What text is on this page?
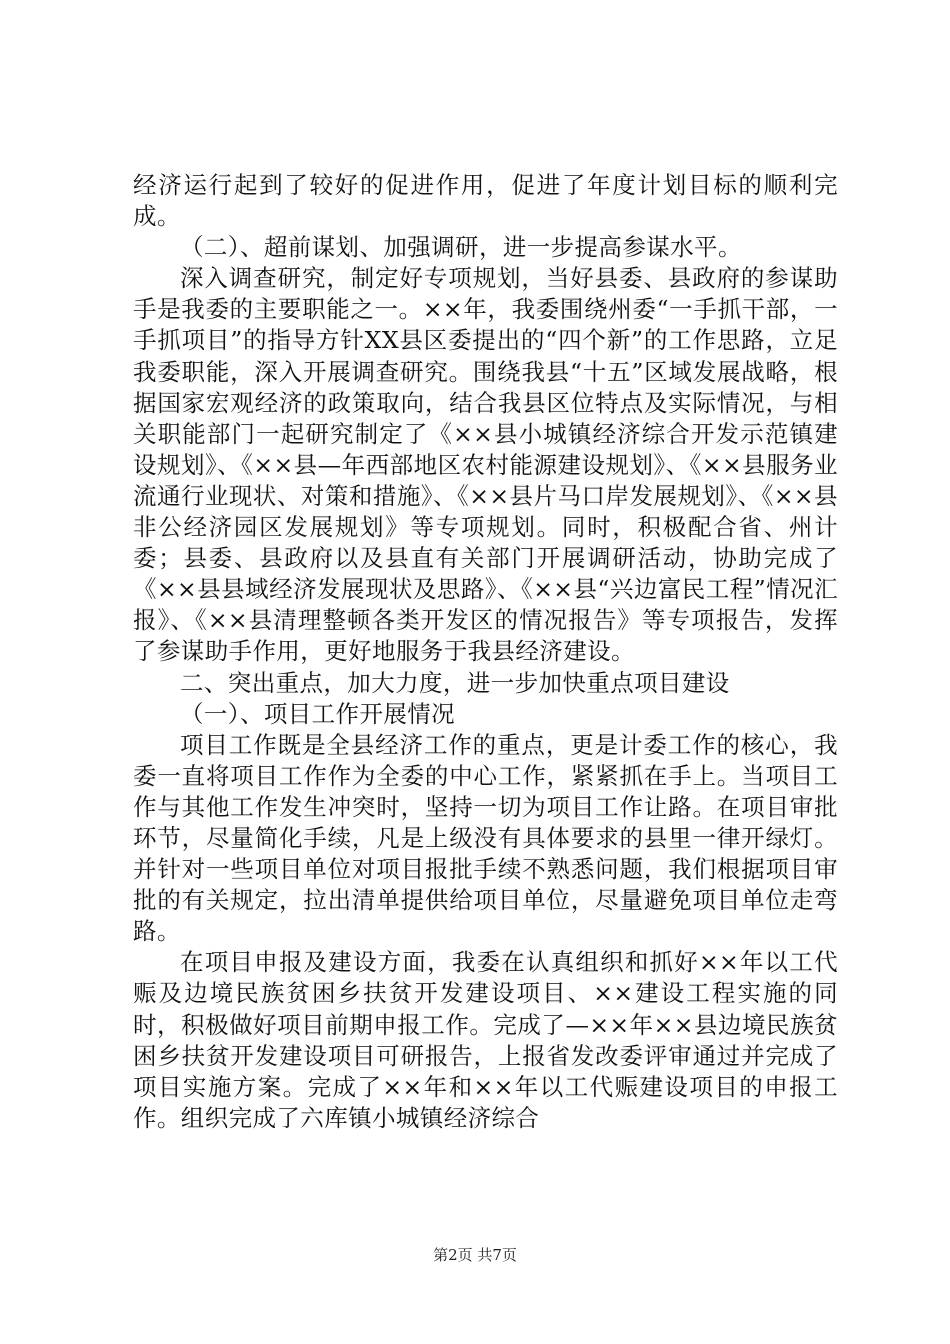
经济运行起到了较好的促进作用，促进了年度计划目标的顺利完成。

（二）、超前谋划、加强调研，进一步提高参谋水平。

深入调查研究，制定好专项规划，当好县委、县政府的参谋助手是我委的主要职能之一。××年，我委围绕州委“一手抓干部，一手抓项目”的指导方针XX县区委提出的“四个新”的工作思路，立足我委职能，深入开展调查研究。围绕我县“十五”区域发展战略，根据国家宏观经济的政策取向，结合我县区位特点及实际情况，与相关职能部门一起研究制定了《××县小城镇经济综合开发示范镇建设规划》、《××县—年西部地区农村能源建设规划》、《××县服务业流通行业现状、对策和措施》、《××县片马口岸发展规划》、《××县非公经济园区发展规划》等专项规划。同时，积极配合省、州计委；县委、县政府以及县直有关部门开展调研活动，协助完成了《××县县域经济发展现状及思路》、《××县“兴边富民工程”情况汇报》、《××县清理整顿各类开发区的情况报告》等专项报告，发挥了参谋助手作用，更好地服务于我县经济建设。

二、突出重点，加大力度，进一步加快重点项目建设

（一）、项目工作开展情况

项目工作既是全县经济工作的重点，更是计委工作的核心，我委一直将项目工作作为全委的中心工作，紧紧抓在手上。当项目工作与其他工作发生冲突时，坚持一切为项目工作让路。在项目审批环节，尽量简化手续，凡是上级没有具体要求的县里一律开绿灯。并针对一些项目单位对项目报批手续不熟悉问题，我们根据项目审批的有关规定，拉出清单提供给项目单位，尽量避免项目单位走弯路。

在项目申报及建设方面，我委在认真组织和抓好××年以工代赈及边境民族贫困乡扶贫开发建设项目、××建设工程实施的同时，积极做好项目前期申报工作。完成了—××年××县边境民族贫困乡扶贫开发建设项目可研报告，上报省发改委评审通过并完成了项目实施方案。完成了××年和××年以工代赈建设项目的申报工作。组织完成了六库镇小城镇经济综合

第2页 共7页
